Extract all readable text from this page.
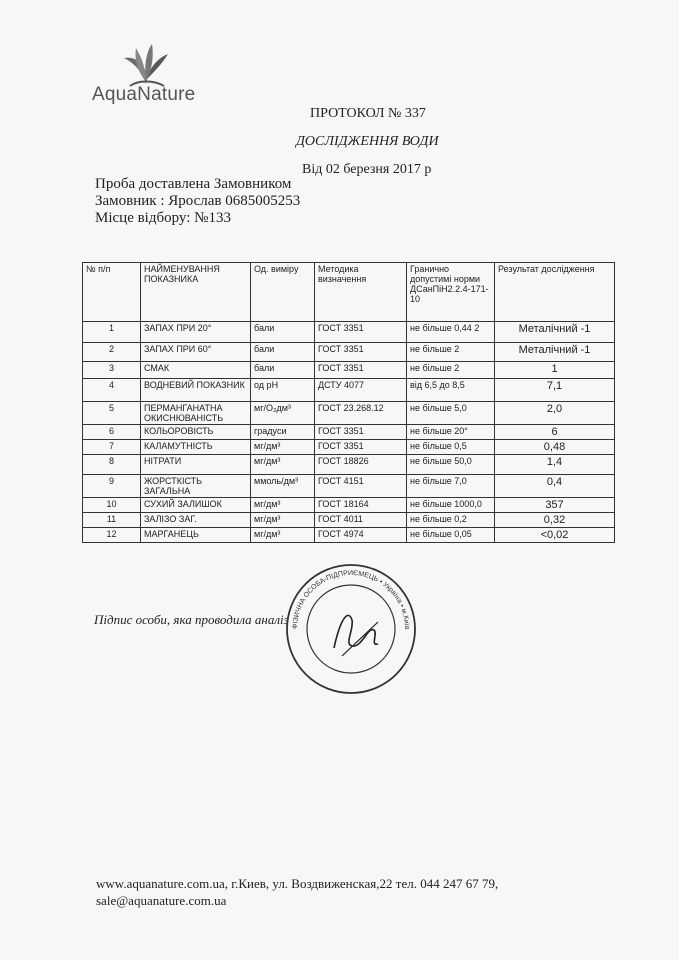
AquaNature
ПРОТОКОЛ № 337
ДОСЛІДЖЕННЯ ВОДИ
Від 02 березня 2017 р
Проба доставлена Замовником
Замовник : Ярослав 0685005253
Місце відбору: №133
№ п/п	НАЙМЕНУВАННЯ ПОКАЗНИКА	Од. виміру	Методика визначення	Гранично допустимі норми ДСанПіН2.2.4-171-10	Результат дослідження
1	ЗАПАХ ПРИ 20°	бали	ГОСТ 3351	не більше 0,44 2	Металічний -1
2	ЗАПАХ ПРИ 60°	бали	ГОСТ 3351	не більше 2	Металічний -1
3	СМАК	бали	ГОСТ 3351	не більше 2	1
4	ВОДНЕВИЙ ПОКАЗНИК	од pH	ДСТУ 4077	від 6,5 до 8,5	7,1
5	ПЕРМАНГАНАТНА ОКИСНЮВАНІСТЬ	мг/О₂дм³	ГОСТ 23.268.12	не більше 5,0	2,0
6	КОЛЬОРОВІСТЬ	градуси	ГОСТ 3351	не більше 20°	6
7	КАЛАМУТНІСТЬ	мг/дм³	ГОСТ 3351	не більше 0,5	0,48
8	НІТРАТИ	мг/дм³	ГОСТ 18826	не більше 50,0	1,4
9	ЖОРСТКІСТЬ ЗАГАЛЬНА	ммоль/дм³	ГОСТ 4151	не більше 7,0	0,4
10	СУХИЙ ЗАЛИШОК	мг/дм³	ГОСТ 18164	не більше 1000,0	357
11	ЗАЛІЗО ЗАГ.	мг/дм³	ГОСТ 4011	не більше 0,2	0,32
12	МАРГАНЕЦЬ	мг/дм³	ГОСТ 4974	не більше 0,05	<0,02
Підпис особи, яка проводила аналіз ФІЗИЧНА ОСОБА-ПІДПРИЄМЕЦЬ • Україна • м.Київ
www.aquanature.com.ua, г.Киев, ул. Воздвиженская,22 тел. 044 247 67 79,
sale@aquanature.com.ua
